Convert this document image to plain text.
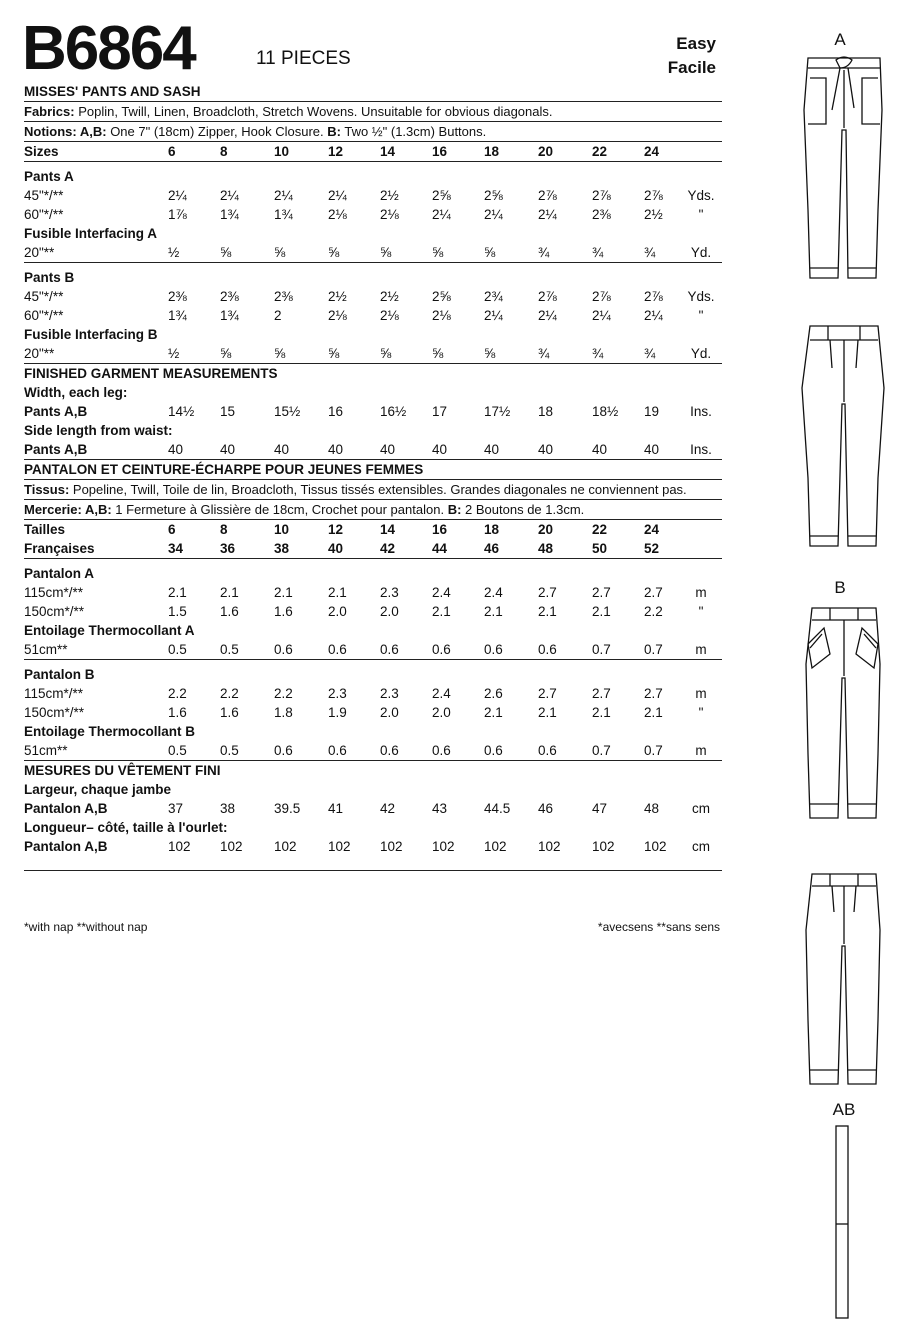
B6864	11 PIECES
Easy
Facile
MISSES' PANTS AND SASH
Fabrics: Poplin, Twill, Linen, Broadcloth, Stretch Wovens. Unsuitable for obvious diagonals.
Notions: A,B: One 7" (18cm) Zipper, Hook Closure. B: Two ½" (1.3cm) Buttons.
Sizes	6	8	10	12	14	16	18	20	22	24
Pants A
45"*/**	2¼	2¼	2¼	2¼	2½	2⅝	2⅝	2⅞	2⅞	2⅞	Yds.
60"*/**	1⅞	1¾	1¾	2⅛	2⅛	2¼	2¼	2¼	2⅜	2½	"
Fusible Interfacing A
20"**	½	⅝	⅝	⅝	⅝	⅝	⅝	¾	¾	¾	Yd.
Pants B
45"*/**	2⅜	2⅜	2⅜	2½	2½	2⅝	2¾	2⅞	2⅞	2⅞	Yds.
60"*/**	1¾	1¾	2	2⅛	2⅛	2⅛	2¼	2¼	2¼	2¼	"
Fusible Interfacing B
20"**	½	⅝	⅝	⅝	⅝	⅝	⅝	¾	¾	¾	Yd.
FINISHED GARMENT MEASUREMENTS
Width, each leg:
Pants A,B	14½	15	15½	16	16½	17	17½	18	18½	19	Ins.
Side length from waist:
Pants A,B	40	40	40	40	40	40	40	40	40	40	Ins.
PANTALON ET CEINTURE-ÉCHARPE POUR JEUNES FEMMES
Tissus: Popeline, Twill, Toile de lin, Broadcloth, Tissus tissés extensibles. Grandes diagonales ne conviennent pas.
Mercerie: A,B: 1 Fermeture à Glissière de 18cm, Crochet pour pantalon. B: 2 Boutons de 1.3cm.
Tailles	6	8	10	12	14	16	18	20	22	24
Françaises	34	36	38	40	42	44	46	48	50	52
Pantalon A
115cm*/**	2.1	2.1	2.1	2.1	2.3	2.4	2.4	2.7	2.7	2.7	m
150cm*/**	1.5	1.6	1.6	2.0	2.0	2.1	2.1	2.1	2.1	2.2	"
Entoilage Thermocollant A
51cm**	0.5	0.5	0.6	0.6	0.6	0.6	0.6	0.6	0.7	0.7	m
Pantalon B
115cm*/**	2.2	2.2	2.2	2.3	2.3	2.4	2.6	2.7	2.7	2.7	m
150cm*/**	1.6	1.6	1.8	1.9	2.0	2.0	2.1	2.1	2.1	2.1	"
Entoilage Thermocollant B
51cm**	0.5	0.5	0.6	0.6	0.6	0.6	0.6	0.6	0.7	0.7	m
MESURES DU VÊTEMENT FINI
Largeur, chaque jambe
Pantalon A,B	37	38	39.5	41	42	43	44.5	46	47	48	cm
Longueur– côté, taille à l'ourlet:
Pantalon A,B	102	102	102	102	102	102	102	102	102	102	cm
*with nap **without nap	*avecsens **sans sens
A
B
AB
